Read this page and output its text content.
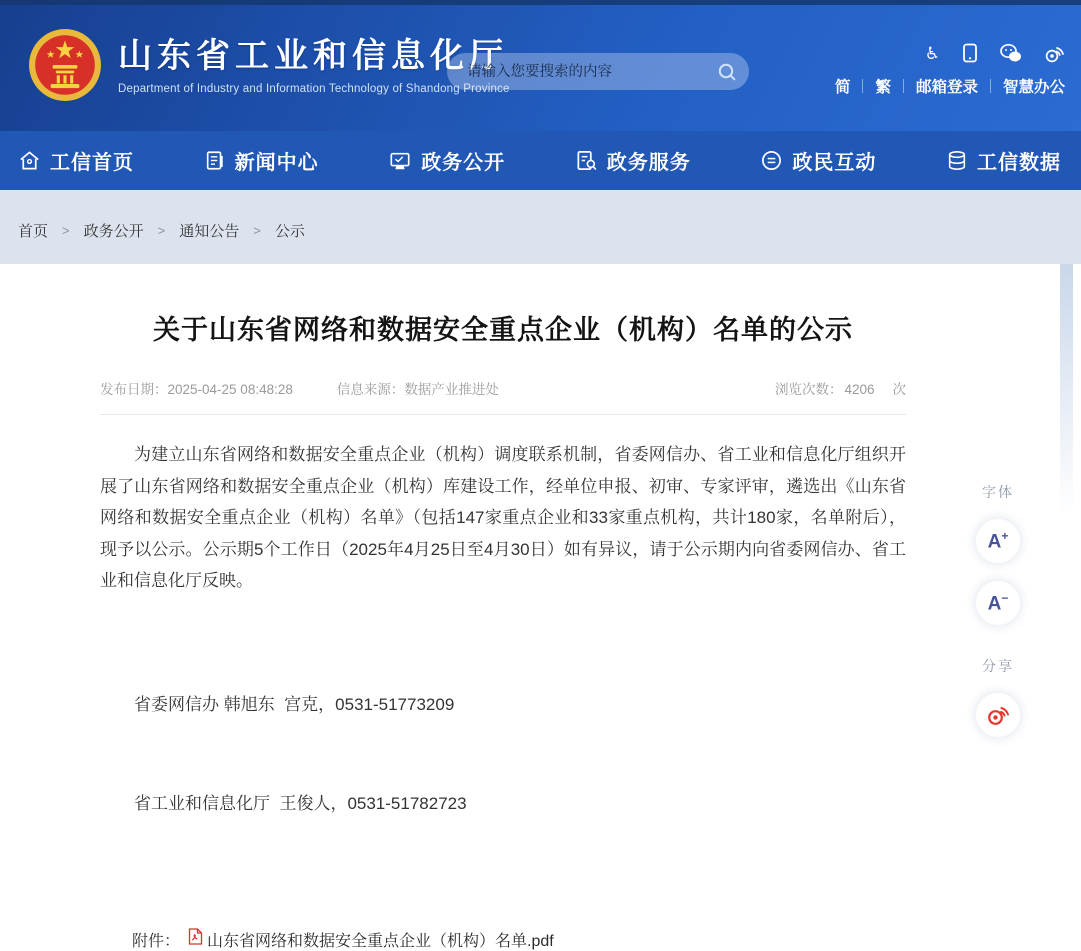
山东省工业和信息化厅
Department of Industry and Information Technology of Shandong Province
请输入您要搜索的内容
♿
简 繁 邮箱登录 智慧办公
工信首页	新闻中心	政务公开	政务服务	政民互动	工信数据
首页 > 政务公开 > 通知公告 > 公示
关于山东省网络和数据安全重点企业（机构）名单的公示
发布日期：2025-04-25 08:48:28	信息来源：数据产业推进处	浏览次数： 4206 次

为建立山东省网络和数据安全重点企业（机构）调度联系机制，省委网信办、省工业和信息化厅组织开展了山东省网络和数据安全重点企业（机构）库建设工作，经单位申报、初审、专家评审，遴选出《山东省网络和数据安全重点企业（机构）名单》（包括147家重点企业和33家重点机构，共计180家，名单附后），现予以公示。公示期5个工作日（2025年4月25日至4月30日）如有异议，请于公示期内向省委网信办、省工业和信息化厅反映。

省委网信办 韩旭东  宫克，0531-51773209

省工业和信息化厅  王俊人，0531-51782723

附件： 山东省网络和数据安全重点企业（机构）名单.pdf
字体
A+
A−
分享
